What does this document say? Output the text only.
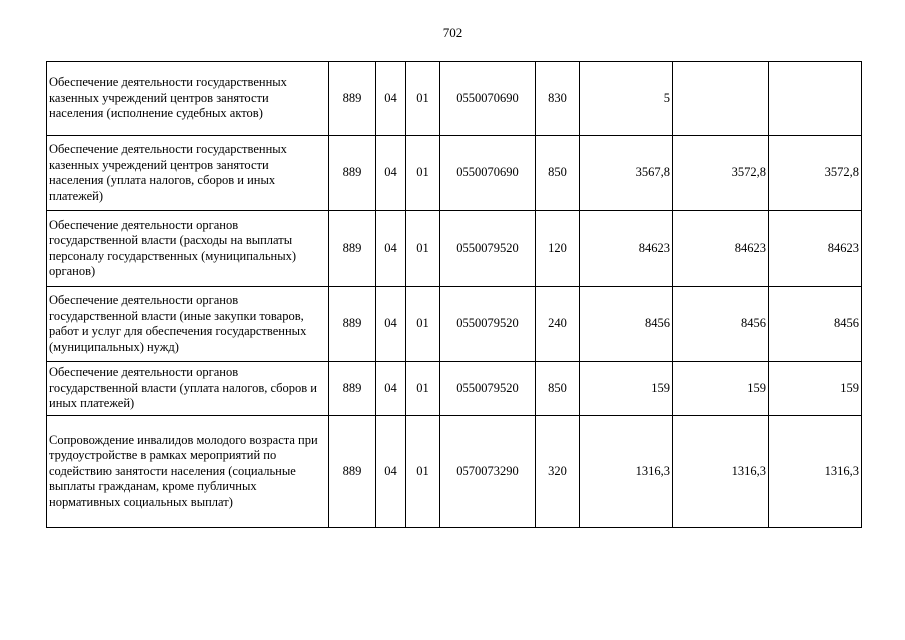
702
Обеспечение деятельности государственных казенных учреждений центров занятости населения (исполнение судебных актов)	889	04	01	0550070690	830	5		
Обеспечение деятельности государственных казенных учреждений центров занятости населения (уплата налогов, сборов и иных платежей)	889	04	01	0550070690	850	3567,8	3572,8	3572,8
Обеспечение деятельности органов государственной власти (расходы на выплаты персоналу государственных (муниципальных) органов)	889	04	01	0550079520	120	84623	84623	84623
Обеспечение деятельности органов государственной власти (иные закупки товаров, работ и услуг для обеспечения государственных (муниципальных) нужд)	889	04	01	0550079520	240	8456	8456	8456
Обеспечение деятельности органов государственной власти (уплата налогов, сборов и иных платежей)	889	04	01	0550079520	850	159	159	159
Сопровождение инвалидов молодого возраста при трудоустройстве в рамках мероприятий по содействию занятости населения (социальные выплаты гражданам, кроме публичных нормативных социальных выплат)	889	04	01	0570073290	320	1316,3	1316,3	1316,3
